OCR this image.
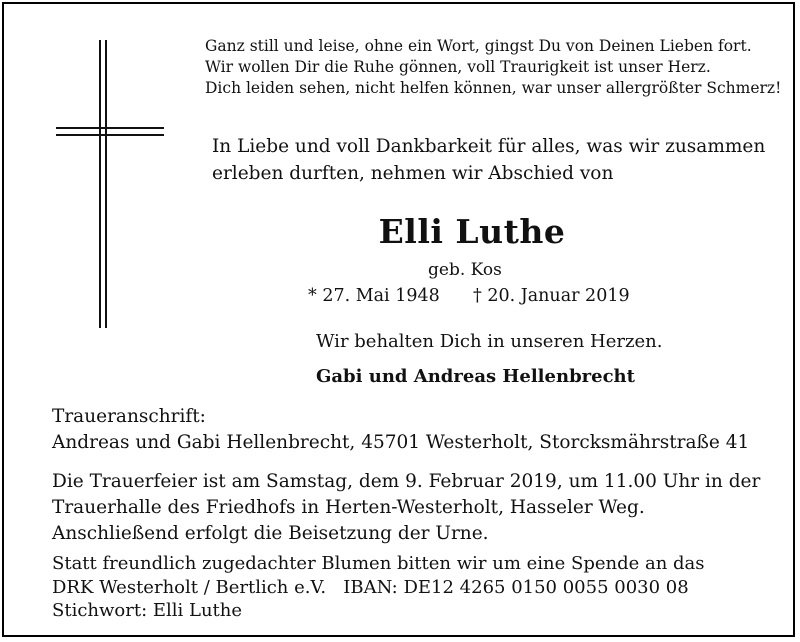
Ganz still und leise, ohne ein Wort, gingst Du von Deinen Lieben fort.
Wir wollen Dir die Ruhe gönnen, voll Traurigkeit ist unser Herz.
Dich leiden sehen, nicht helfen können, war unser allergrößter Schmerz!
In Liebe und voll Dankbarkeit für alles, was wir zusammen
erleben durften, nehmen wir Abschied von
Elli Luthe
geb. Kos
* 27. Mai 1948 † 20. Januar 2019
Wir behalten Dich in unseren Herzen.
Gabi und Andreas Hellenbrecht
Traueranschrift:
Andreas und Gabi Hellenbrecht, 45701 Westerholt, Storcksmährstraße 41
Die Trauerfeier ist am Samstag, dem 9. Februar 2019, um 11.00 Uhr in der
Trauerhalle des Friedhofs in Herten-Westerholt, Hasseler Weg.
Anschließend erfolgt die Beisetzung der Urne.
Statt freundlich zugedachter Blumen bitten wir um eine Spende an das
DRK Westerholt / Bertlich e.V.   IBAN: DE12 4265 0150 0055 0030 08
Stichwort: Elli Luthe
